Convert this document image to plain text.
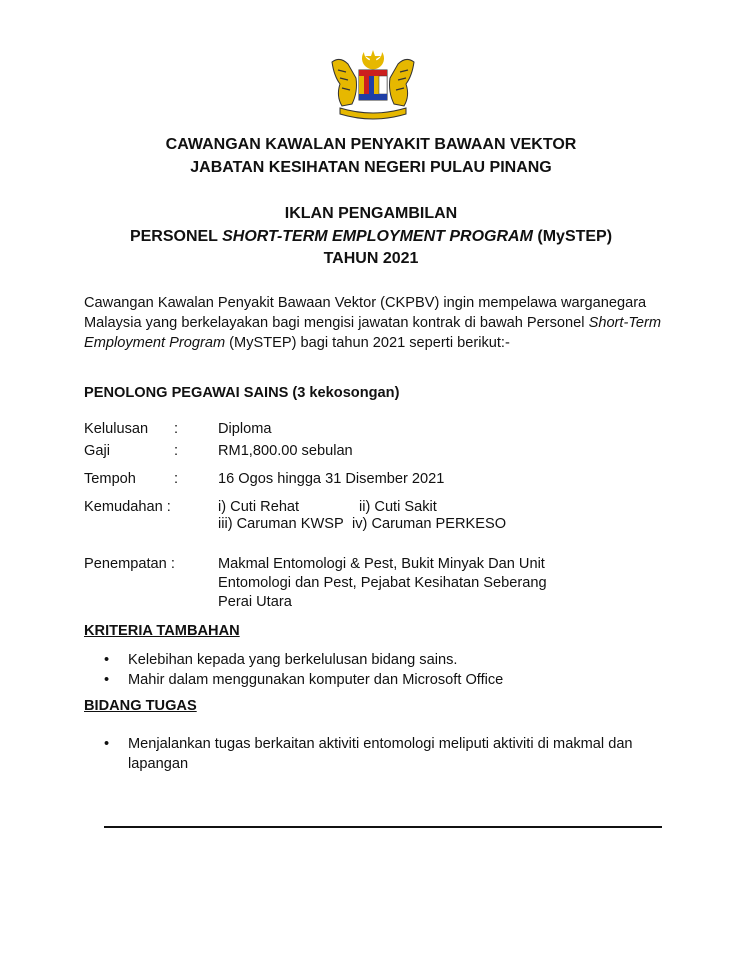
CAWANGAN KAWALAN PENYAKIT BAWAAN VEKTOR
JABATAN KESIHATAN NEGERI PULAU PINANG
IKLAN PENGAMBILAN
PERSONEL SHORT-TERM EMPLOYMENT PROGRAM (MySTEP)
TAHUN 2021
Cawangan Kawalan Penyakit Bawaan Vektor (CKPBV) ingin mempelawa warganegara Malaysia yang berkelayakan bagi mengisi jawatan kontrak di bawah Personel Short-Term Employment Program (MySTEP) bagi tahun 2021 seperti berikut:-
PENOLONG PEGAWAI SAINS (3 kekosongan)
Kelulusan :	Diploma
Gaji	:	RM1,800.00 sebulan
Tempoh	:	16 Ogos hingga 31 Disember 2021
Kemudahan :	i) Cuti Rehat	ii) Cuti Sakit
iii) Caruman KWSP iv) Caruman PERKESO
Penempatan :	Makmal Entomologi & Pest, Bukit Minyak Dan Unit Entomologi dan Pest, Pejabat Kesihatan Seberang Perai Utara
KRITERIA TAMBAHAN
• Kelebihan kepada yang berkelulusan bidang sains.
• Mahir dalam menggunakan komputer dan Microsoft Office
BIDANG TUGAS
• Menjalankan tugas berkaitan aktiviti entomologi meliputi aktiviti di makmal dan lapangan
